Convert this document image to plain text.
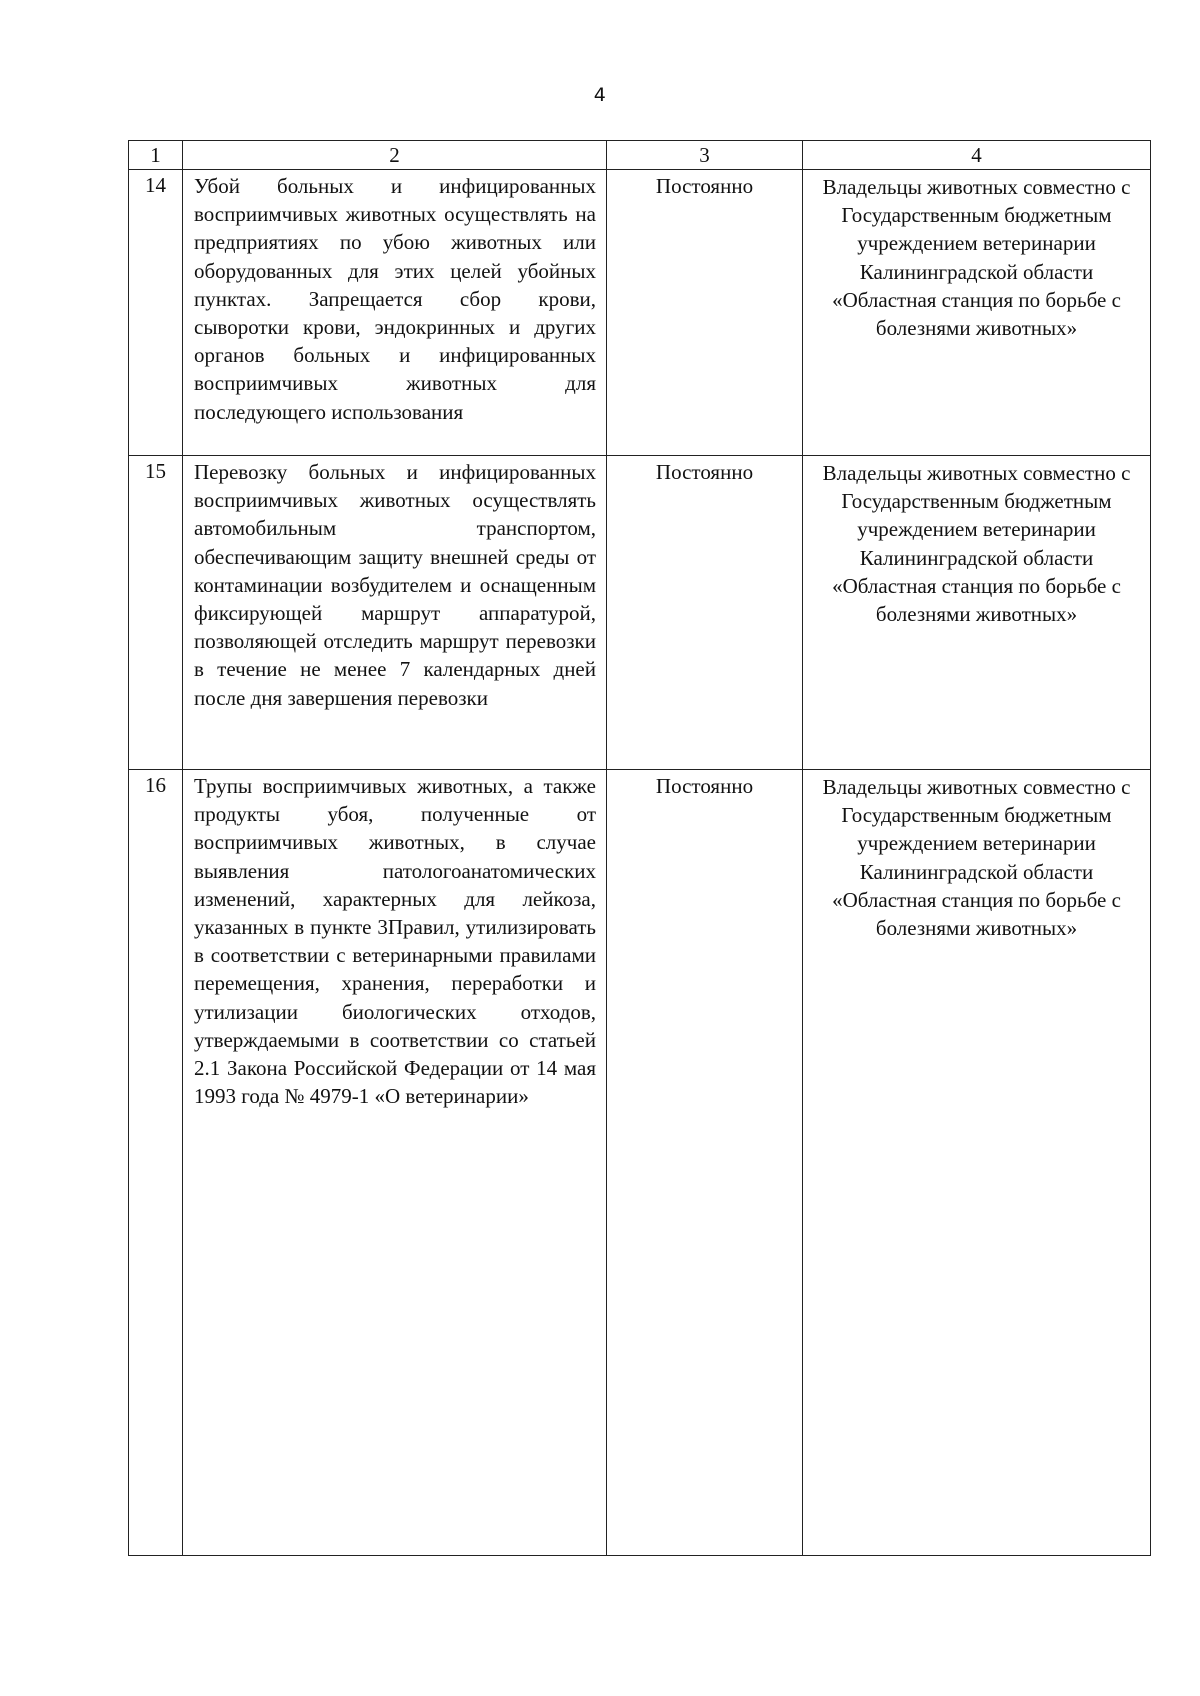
4
1	2	3	4
14	Убой больных и инфицированных восприимчивых животных осуществлять на предприятиях по убою животных или оборудованных для этих целей убойных пунктах. Запрещается сбор крови, сыворотки крови, эндокринных и других органов больных и инфицированных восприимчивых животных для последующего использования	Постоянно	Владельцы животных совместно с Государственным бюджетным учреждением ветеринарии Калининградской области «Областная станция по борьбе с болезнями животных»
15	Перевозку больных и инфицированных восприимчивых животных осуществлять автомобильным транспортом, обеспечивающим защиту внешней среды от контаминации возбудителем и оснащенным фиксирующей маршрут аппаратурой, позволяющей отследить маршрут перевозки в течение не менее 7 календарных дней после дня завершения перевозки	Постоянно	Владельцы животных совместно с Государственным бюджетным учреждением ветеринарии Калининградской области «Областная станция по борьбе с болезнями животных»
16	Трупы восприимчивых животных, а также продукты убоя, полученные от восприимчивых животных, в случае выявления патологоанатомических изменений, характерных для лейкоза, указанных в пункте 3Правил, утилизировать в соответствии с ветеринарными правилами перемещения, хранения, переработки и утилизации биологических отходов, утверждаемыми в соответствии со статьей 2.1 Закона Российской Федерации от 14 мая 1993 года № 4979-1 «О ветеринарии»	Постоянно	Владельцы животных совместно с Государственным бюджетным учреждением ветеринарии Калининградской области «Областная станция по борьбе с болезнями животных»
